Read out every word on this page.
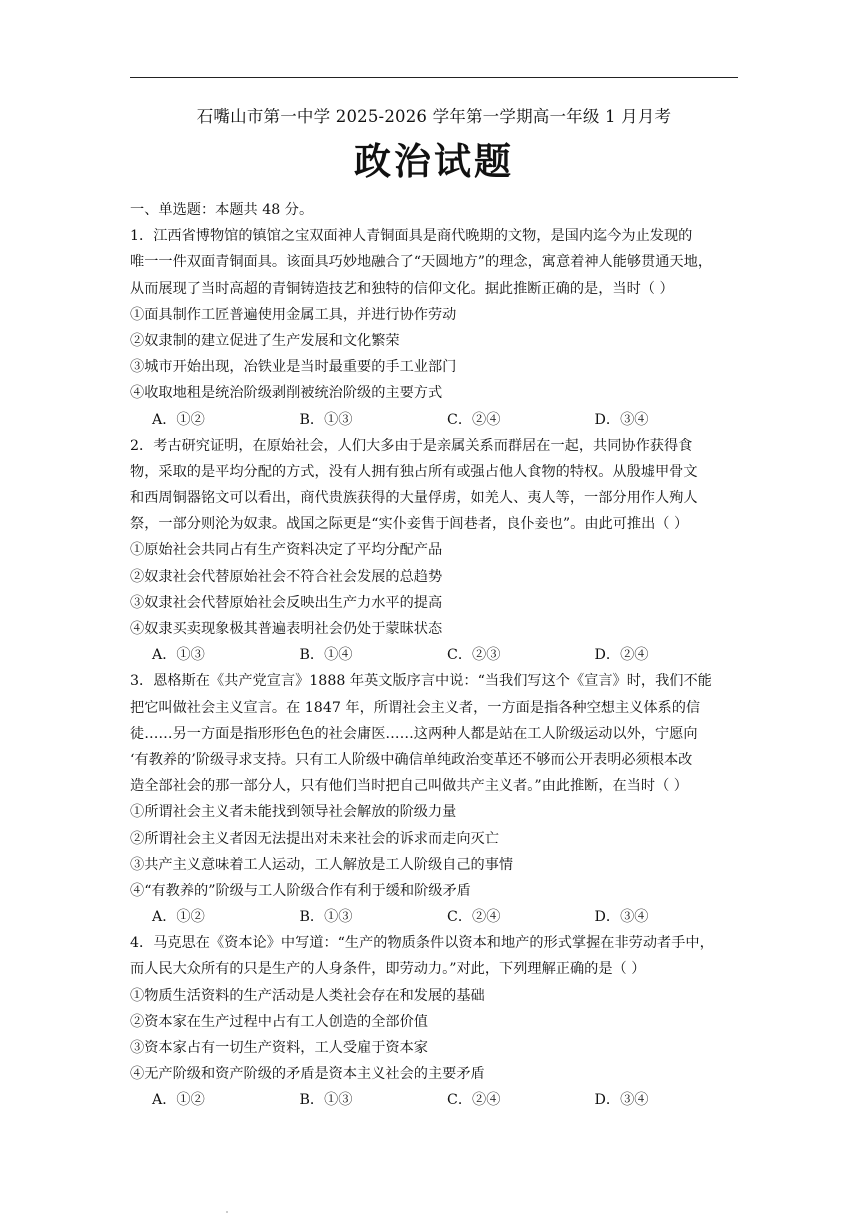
石嘴山市第一中学 2025-2026 学年第一学期高一年级 1 月月考
政治试题
一、单选题：本题共 48 分。
1．江西省博物馆的镇馆之宝双面神人青铜面具是商代晚期的文物，是国内迄今为止发现的
唯一一件双面青铜面具。该面具巧妙地融合了“天圆地方”的理念，寓意着神人能够贯通天地，
从而展现了当时高超的青铜铸造技艺和独特的信仰文化。据此推断正确的是，当时（ ）
①面具制作工匠普遍使用金属工具，并进行协作劳动
②奴隶制的建立促进了生产发展和文化繁荣
③城市开始出现，冶铁业是当时最重要的手工业部门
④收取地租是统治阶级剥削被统治阶级的主要方式
A．①②	B．①③	C．②④	D．③④
2．考古研究证明，在原始社会，人们大多由于是亲属关系而群居在一起，共同协作获得食
物，采取的是平均分配的方式，没有人拥有独占所有或强占他人食物的特权。从殷墟甲骨文
和西周铜器铭文可以看出，商代贵族获得的大量俘虏，如羌人、夷人等，一部分用作人殉人
祭，一部分则沦为奴隶。战国之际更是“实仆妾售于闾巷者，良仆妾也”。由此可推出（ ）
①原始社会共同占有生产资料决定了平均分配产品
②奴隶社会代替原始社会不符合社会发展的总趋势
③奴隶社会代替原始社会反映出生产力水平的提高
④奴隶买卖现象极其普遍表明社会仍处于蒙昧状态
A．①③	B．①④	C．②③	D．②④
3．恩格斯在《共产党宣言》1888 年英文版序言中说：“当我们写这个《宣言》时，我们不能
把它叫做社会主义宣言。在 1847 年，所谓社会主义者，一方面是指各种空想主义体系的信
徒……另一方面是指形形色色的社会庸医……这两种人都是站在工人阶级运动以外，宁愿向
‘有教养的’阶级寻求支持。只有工人阶级中确信单纯政治变革还不够而公开表明必须根本改
造全部社会的那一部分人，只有他们当时把自己叫做共产主义者。”由此推断，在当时（ ）
①所谓社会主义者未能找到领导社会解放的阶级力量
②所谓社会主义者因无法提出对未来社会的诉求而走向灭亡
③共产主义意味着工人运动，工人解放是工人阶级自己的事情
④“有教养的”阶级与工人阶级合作有利于缓和阶级矛盾
A．①②	B．①③	C．②④	D．③④
4．马克思在《资本论》中写道：“生产的物质条件以资本和地产的形式掌握在非劳动者手中，
而人民大众所有的只是生产的人身条件，即劳动力。”对此，下列理解正确的是（ ）
①物质生活资料的生产活动是人类社会存在和发展的基础
②资本家在生产过程中占有工人创造的全部价值
③资本家占有一切生产资料，工人受雇于资本家
④无产阶级和资产阶级的矛盾是资本主义社会的主要矛盾
A．①②	B．①③	C．②④	D．③④
